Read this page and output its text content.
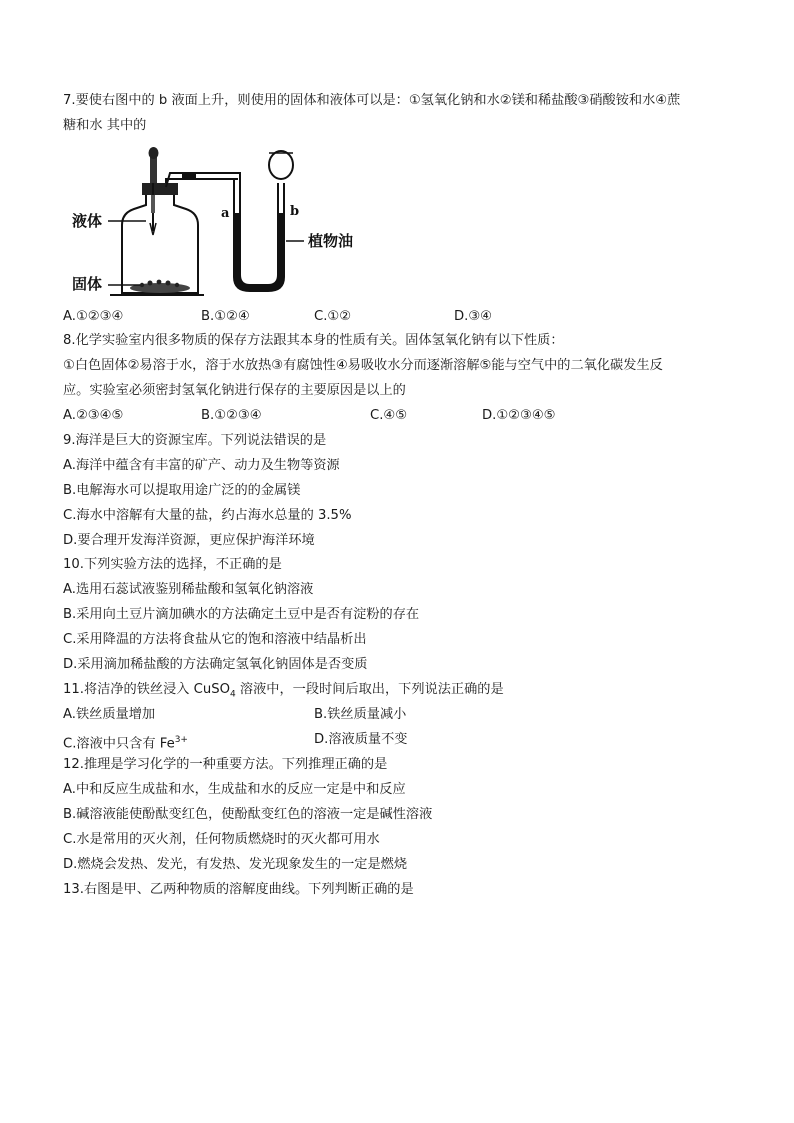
7.要使右图中的 b 液面上升，则使用的固体和液体可以是：①氢氧化钠和水②镁和稀盐酸③硝酸铵和水④蔗
糖和水 其中的
液体
固体
植物油
a	b
A.①②③④	B.①②④	C.①②	D.③④
8.化学实验室内很多物质的保存方法跟其本身的性质有关。固体氢氧化钠有以下性质：
①白色固体②易溶于水，溶于水放热③有腐蚀性④易吸收水分而逐渐溶解⑤能与空气中的二氧化碳发生反
应。实验室必须密封氢氧化钠进行保存的主要原因是以上的
A.②③④⑤	B.①②③④	C.④⑤	D.①②③④⑤
9.海洋是巨大的资源宝库。下列说法错误的是
A.海洋中蕴含有丰富的矿产、动力及生物等资源
B.电解海水可以提取用途广泛的的金属镁
C.海水中溶解有大量的盐，约占海水总量的 3.5%
D.要合理开发海洋资源，更应保护海洋环境
10.下列实验方法的选择，不正确的是
A.选用石蕊试液鉴别稀盐酸和氢氧化钠溶液
B.采用向土豆片滴加碘水的方法确定土豆中是否有淀粉的存在
C.采用降温的方法将食盐从它的饱和溶液中结晶析出
D.采用滴加稀盐酸的方法确定氢氧化钠固体是否变质
11.将洁净的铁丝浸入 CuSO$_4$ 溶液中，一段时间后取出，下列说法正确的是
A.铁丝质量增加	B.铁丝质量减小
C.溶液中只含有 $Fe^{3+}$	D.溶液质量不变
12.推理是学习化学的一种重要方法。下列推理正确的是
A.中和反应生成盐和水，生成盐和水的反应一定是中和反应
B.碱溶液能使酚酞变红色，使酚酞变红色的溶液一定是碱性溶液
C.水是常用的灭火剂，任何物质燃烧时的灭火都可用水
D.燃烧会发热、发光，有发热、发光现象发生的一定是燃烧
13.右图是甲、乙两种物质的溶解度曲线。下列判断正确的是
